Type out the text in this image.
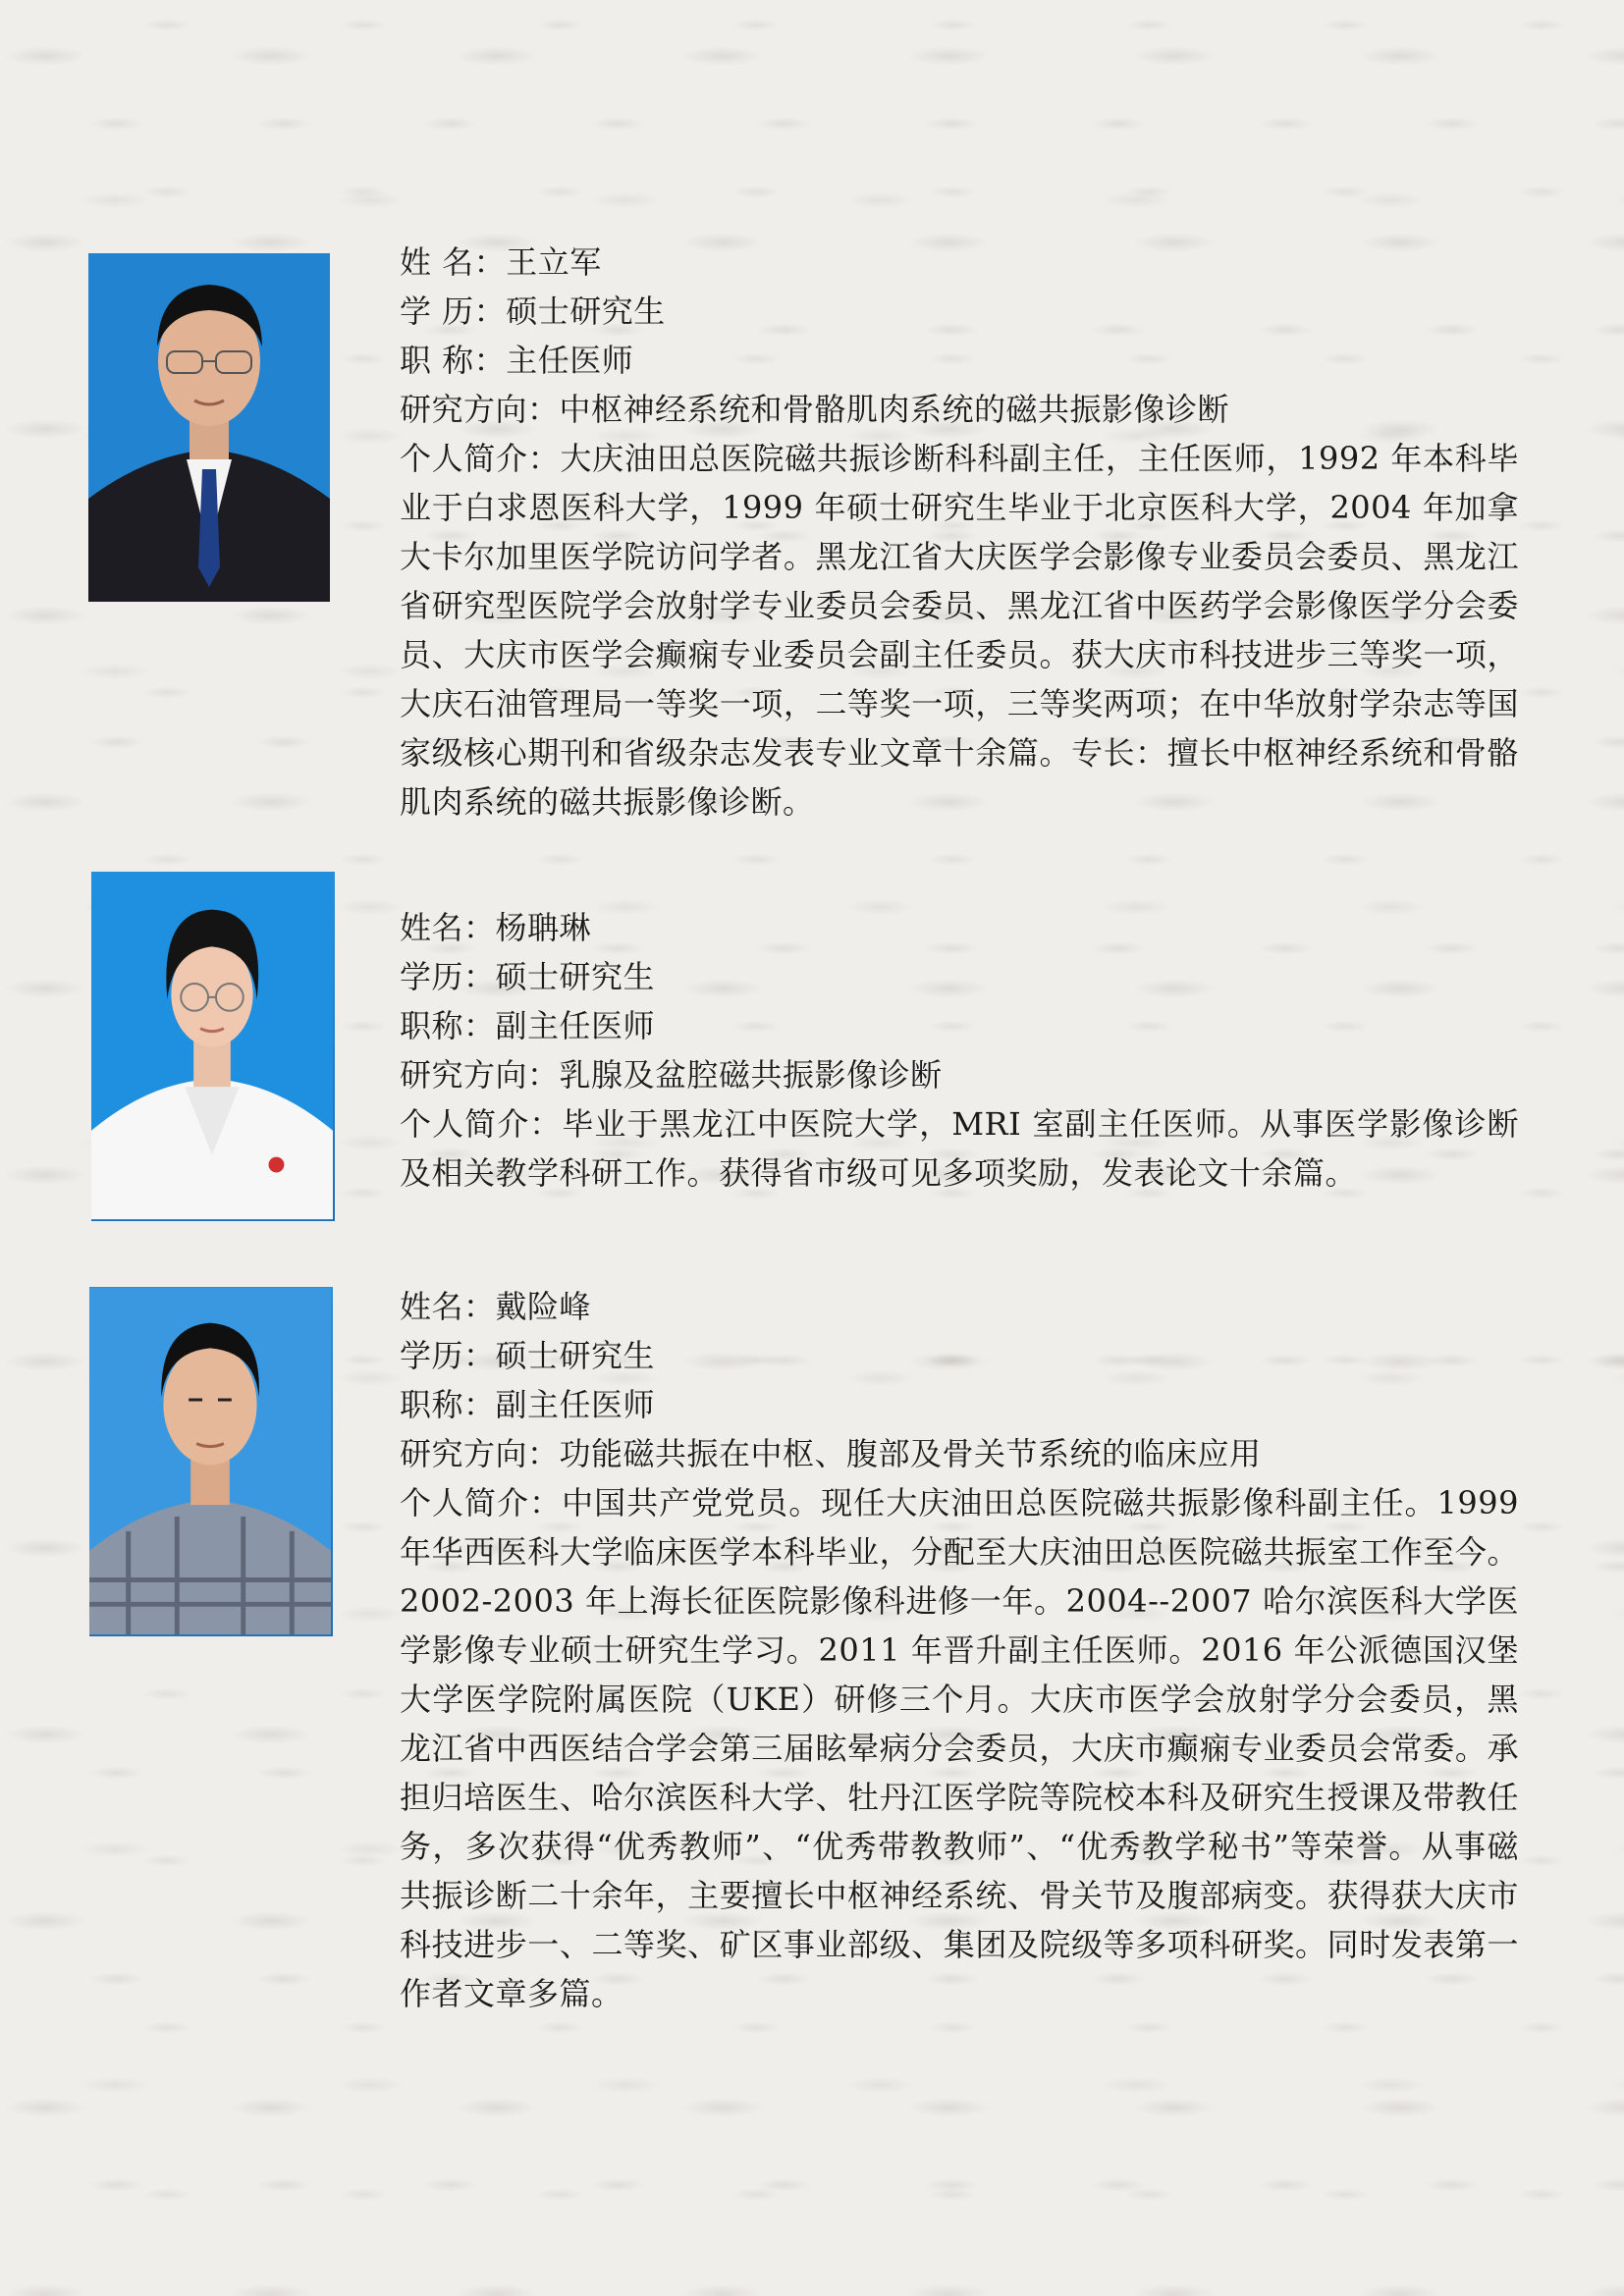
姓 名：王立军

学 历：硕士研究生

职 称：主任医师

研究方向：中枢神经系统和骨骼肌肉系统的磁共振影像诊断

个人简介：大庆油田总医院磁共振诊断科科副主任，主任医师，1992 年本科毕业于白求恩医科大学，1999 年硕士研究生毕业于北京医科大学，2004 年加拿大卡尔加里医学院访问学者。黑龙江省大庆医学会影像专业委员会委员、黑龙江省研究型医院学会放射学专业委员会委员、黑龙江省中医药学会影像医学分会委员、大庆市医学会癫痫专业委员会副主任委员。获大庆市科技进步三等奖一项，大庆石油管理局一等奖一项，二等奖一项，三等奖两项；在中华放射学杂志等国家级核心期刊和省级杂志发表专业文章十余篇。专长：擅长中枢神经系统和骨骼肌肉系统的磁共振影像诊断。

姓名：杨聃琳

学历：硕士研究生

职称：副主任医师

研究方向：乳腺及盆腔磁共振影像诊断

个人简介：毕业于黑龙江中医院大学，MRI 室副主任医师。从事医学影像诊断及相关教学科研工作。获得省市级可见多项奖励，发表论文十余篇。

姓名：戴险峰

学历：硕士研究生

职称：副主任医师

研究方向：功能磁共振在中枢、腹部及骨关节系统的临床应用

个人简介：中国共产党党员。现任大庆油田总医院磁共振影像科副主任。1999 年华西医科大学临床医学本科毕业，分配至大庆油田总医院磁共振室工作至今。2002-2003 年上海长征医院影像科进修一年。2004--2007 哈尔滨医科大学医学影像专业硕士研究生学习。2011 年晋升副主任医师。2016 年公派德国汉堡大学医学院附属医院（UKE）研修三个月。大庆市医学会放射学分会委员，黑龙江省中西医结合学会第三届眩晕病分会委员，大庆市癫痫专业委员会常委。承担归培医生、哈尔滨医科大学、牡丹江医学院等院校本科及研究生授课及带教任务，多次获得“优秀教师”、“优秀带教教师”、“优秀教学秘书”等荣誉。从事磁共振诊断二十余年，主要擅长中枢神经系统、骨关节及腹部病变。获得获大庆市科技进步一、二等奖、矿区事业部级、集团及院级等多项科研奖。同时发表第一作者文章多篇。
